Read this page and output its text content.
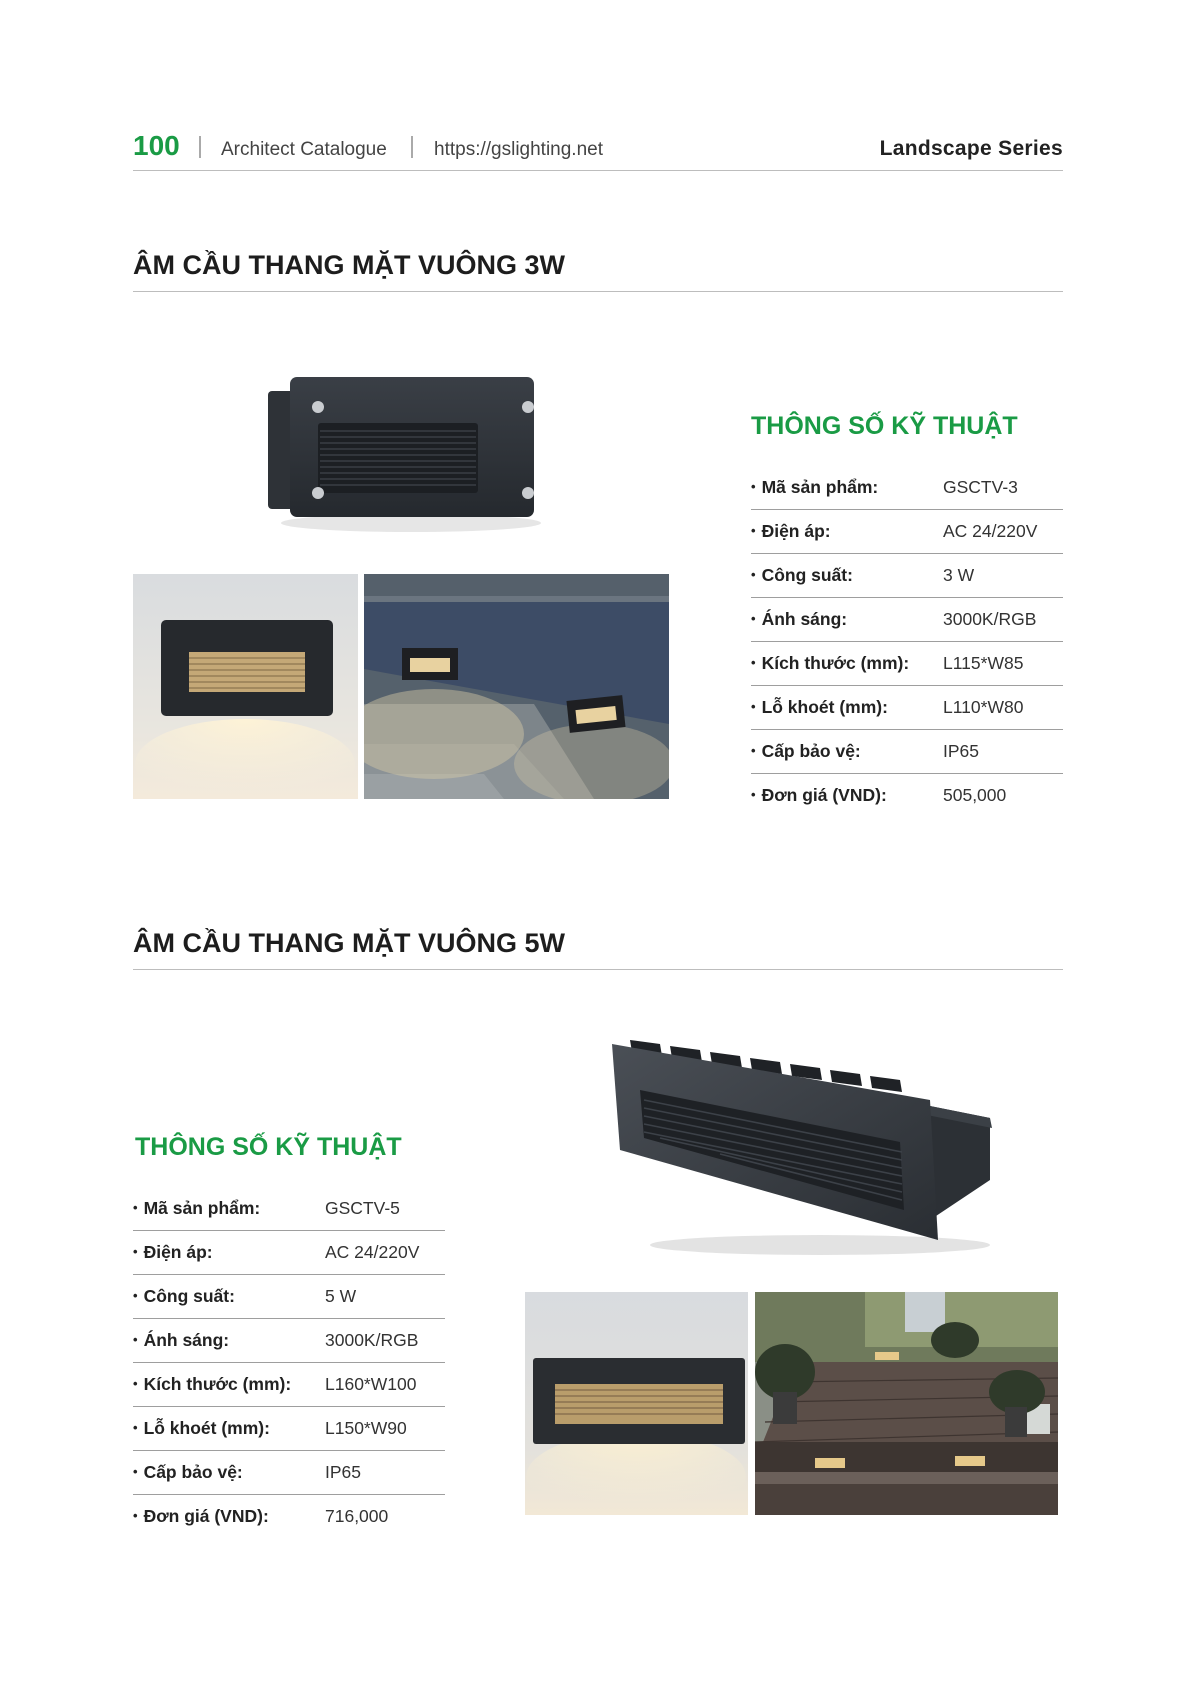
100 Architect Catalogue https://gslighting.net	Landscape Series
ÂM CẦU THANG MẶT VUÔNG 3W
THÔNG SỐ KỸ THUẬT
• Mã sản phẩm:	GSCTV-3
• Điện áp:	AC 24/220V
• Công suất:	3 W
• Ánh sáng:	3000K/RGB
• Kích thước (mm): L115*W85
• Lỗ khoét (mm):	L110*W80
• Cấp bảo vệ:	IP65
• Đơn giá (VND):	505,000
ÂM CẦU THANG MẶT VUÔNG 5W
THÔNG SỐ KỸ THUẬT
• Mã sản phẩm:	GSCTV-5
• Điện áp:	AC 24/220V
• Công suất:	5 W
• Ánh sáng:	3000K/RGB
• Kích thước (mm): L160*W100
• Lỗ khoét (mm):	L150*W90
• Cấp bảo vệ:	IP65
• Đơn giá (VND):	716,000
